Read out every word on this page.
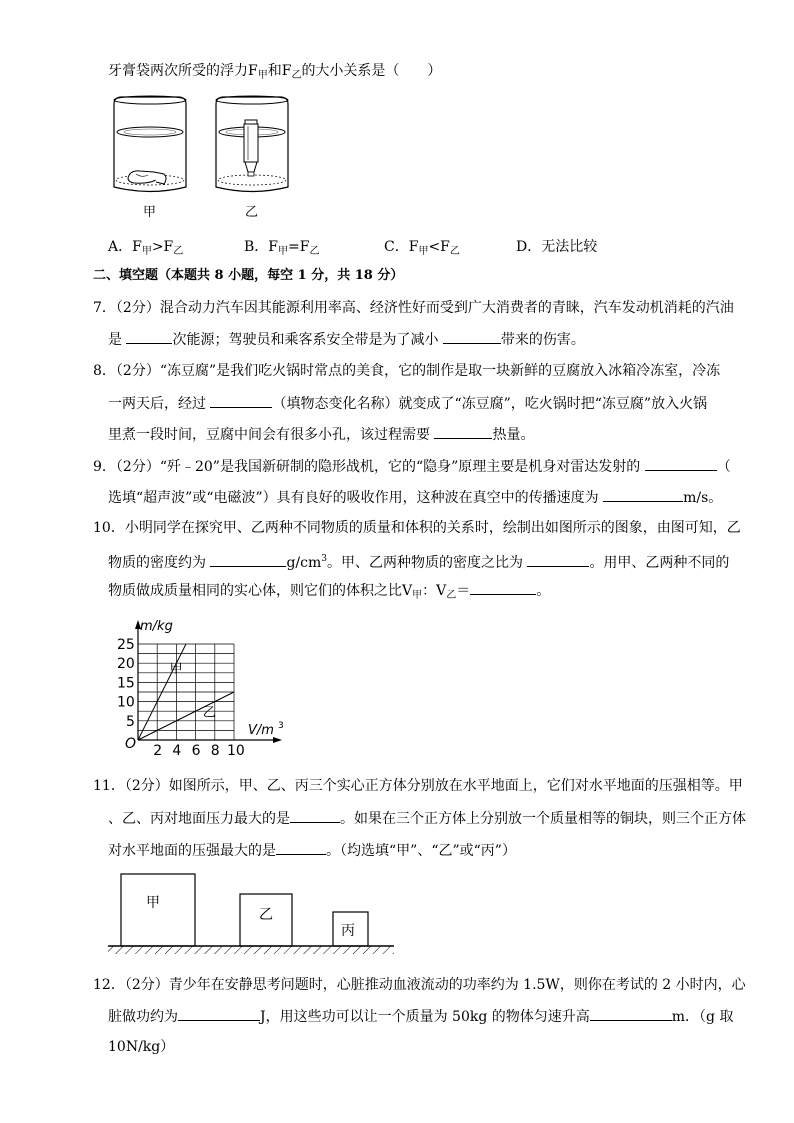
牙膏袋两次所受的浮力$F_甲$和$F_乙$的大小关系是（　　）
甲	乙
A．$F_甲>F_乙$	B．$F_甲=F_乙$	C．$F_甲<F_乙$	D．无法比较
二、填空题（本题共 8 小题，每空 1 分，共 18 分）
7．（2分）混合动力汽车因其能源利用率高、经济性好而受到广大消费者的青睐，汽车发动机消耗的汽油
是	次能源；驾驶员和乘客系安全带是为了减小	带来的伤害。
8．（2分）“冻豆腐”是我们吃火锅时常点的美食，它的制作是取一块新鲜的豆腐放入冰箱冷冻室，冷冻
一两天后，经过	（填物态变化名称）就变成了“冻豆腐”，吃火锅时把“冻豆腐”放入火锅
里煮一段时间，豆腐中间会有很多小孔，该过程需要	热量。
9．（2分）“歼﹣20”是我国新研制的隐形战机，它的“隐身”原理主要是机身对雷达发射的	（
选填“超声波”或“电磁波”）具有良好的吸收作用，这种波在真空中的传播速度为	m/s。
10．小明同学在探究甲、乙两种不同物质的质量和体积的关系时，绘制出如图所示的图象，由图可知，乙
物质的密度约为	$g/cm^3$。甲、乙两种物质的密度之比为	。用甲、乙两种不同的
物质做成质量相同的实心体，则它们的体积之比$V_甲$：$V_乙=$	。
2 4 6 8 10
5
10
15
20
25
甲
乙
m/kg
V/m 3
O
11．（2分）如图所示，甲、乙、丙三个实心正方体分别放在水平地面上，它们对水平地面的压强相等。甲
、乙、丙对地面压力最大的是	。如果在三个正方体上分别放一个质量相等的铜块，则三个正方体
对水平地面的压强最大的是	。（均选填“甲”、“乙”或“丙”）
甲
乙
丙
12．（2分）青少年在安静思考问题时，心脏推动血液流动的功率约为 1.5W，则你在考试的 2 小时内，心
脏做功约为	J，用这些功可以让一个质量为 50kg 的物体匀速升高	m．（g 取
10N/kg）
